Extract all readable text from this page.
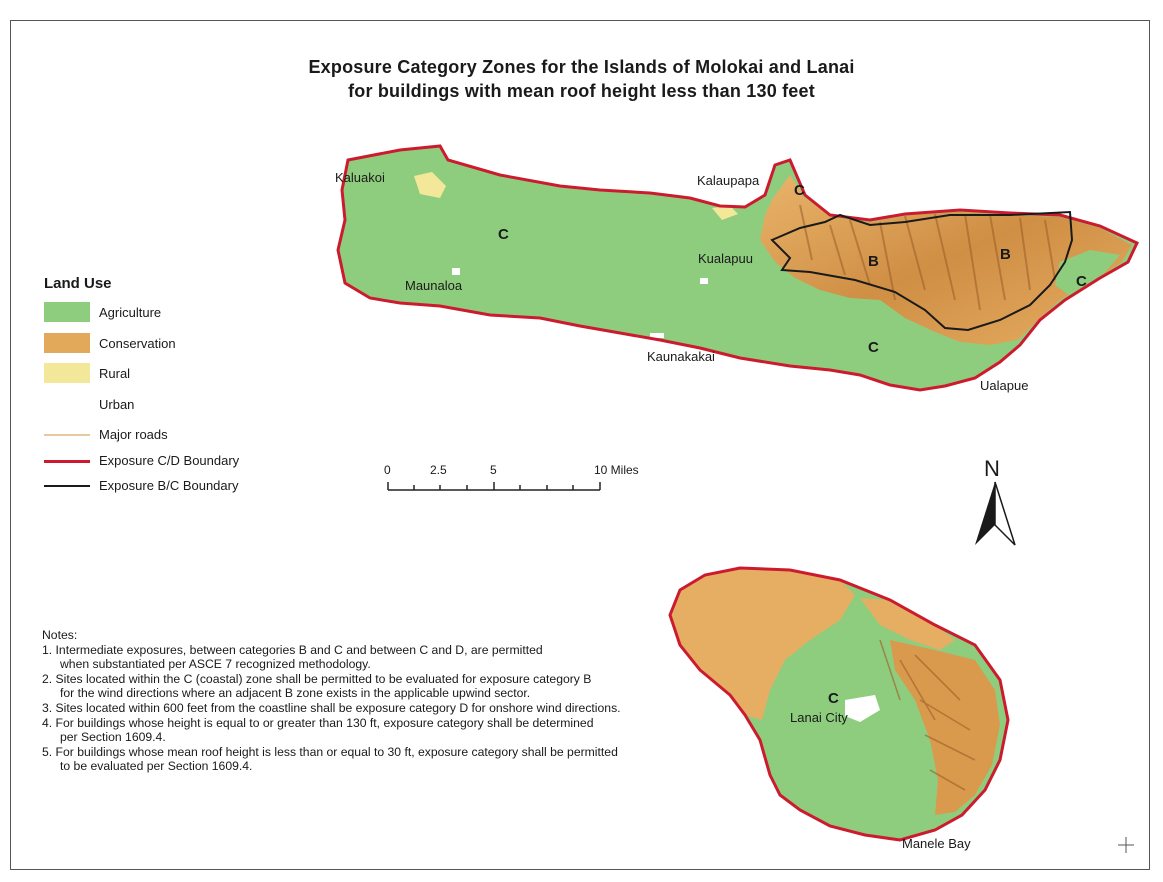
Exposure Category Zones for the Islands of Molokai and Lanai
for buildings with mean roof height less than 130 feet
Kaluakoi	Kalaupapa
Maunaloa
Kualapuu
Kaunakakai
Ualapue
Lanai City
Manele Bay
C
C
B	B
C
C
C
Land Use
Agriculture
Conservation
Rural
Urban
Major roads
Exposure C/D Boundary
Exposure B/C Boundary
0	2.5	5	10 Miles	N
Notes:
1. Intermediate exposures, between categories B and C and between C and D, are permitted
when substantiated per ASCE 7 recognized methodology.
2. Sites located within the C (coastal) zone shall be permitted to be evaluated for exposure category B
for the wind directions where an adjacent B zone exists in the applicable upwind sector.
3. Sites located within 600 feet from the coastline shall be exposure category D for onshore wind directions.
4. For buildings whose height is equal to or greater than 130 ft, exposure category shall be determined
per Section 1609.4.
5. For buildings whose mean roof height is less than or equal to 30 ft, exposure category shall be permitted
to be evaluated per Section 1609.4.
